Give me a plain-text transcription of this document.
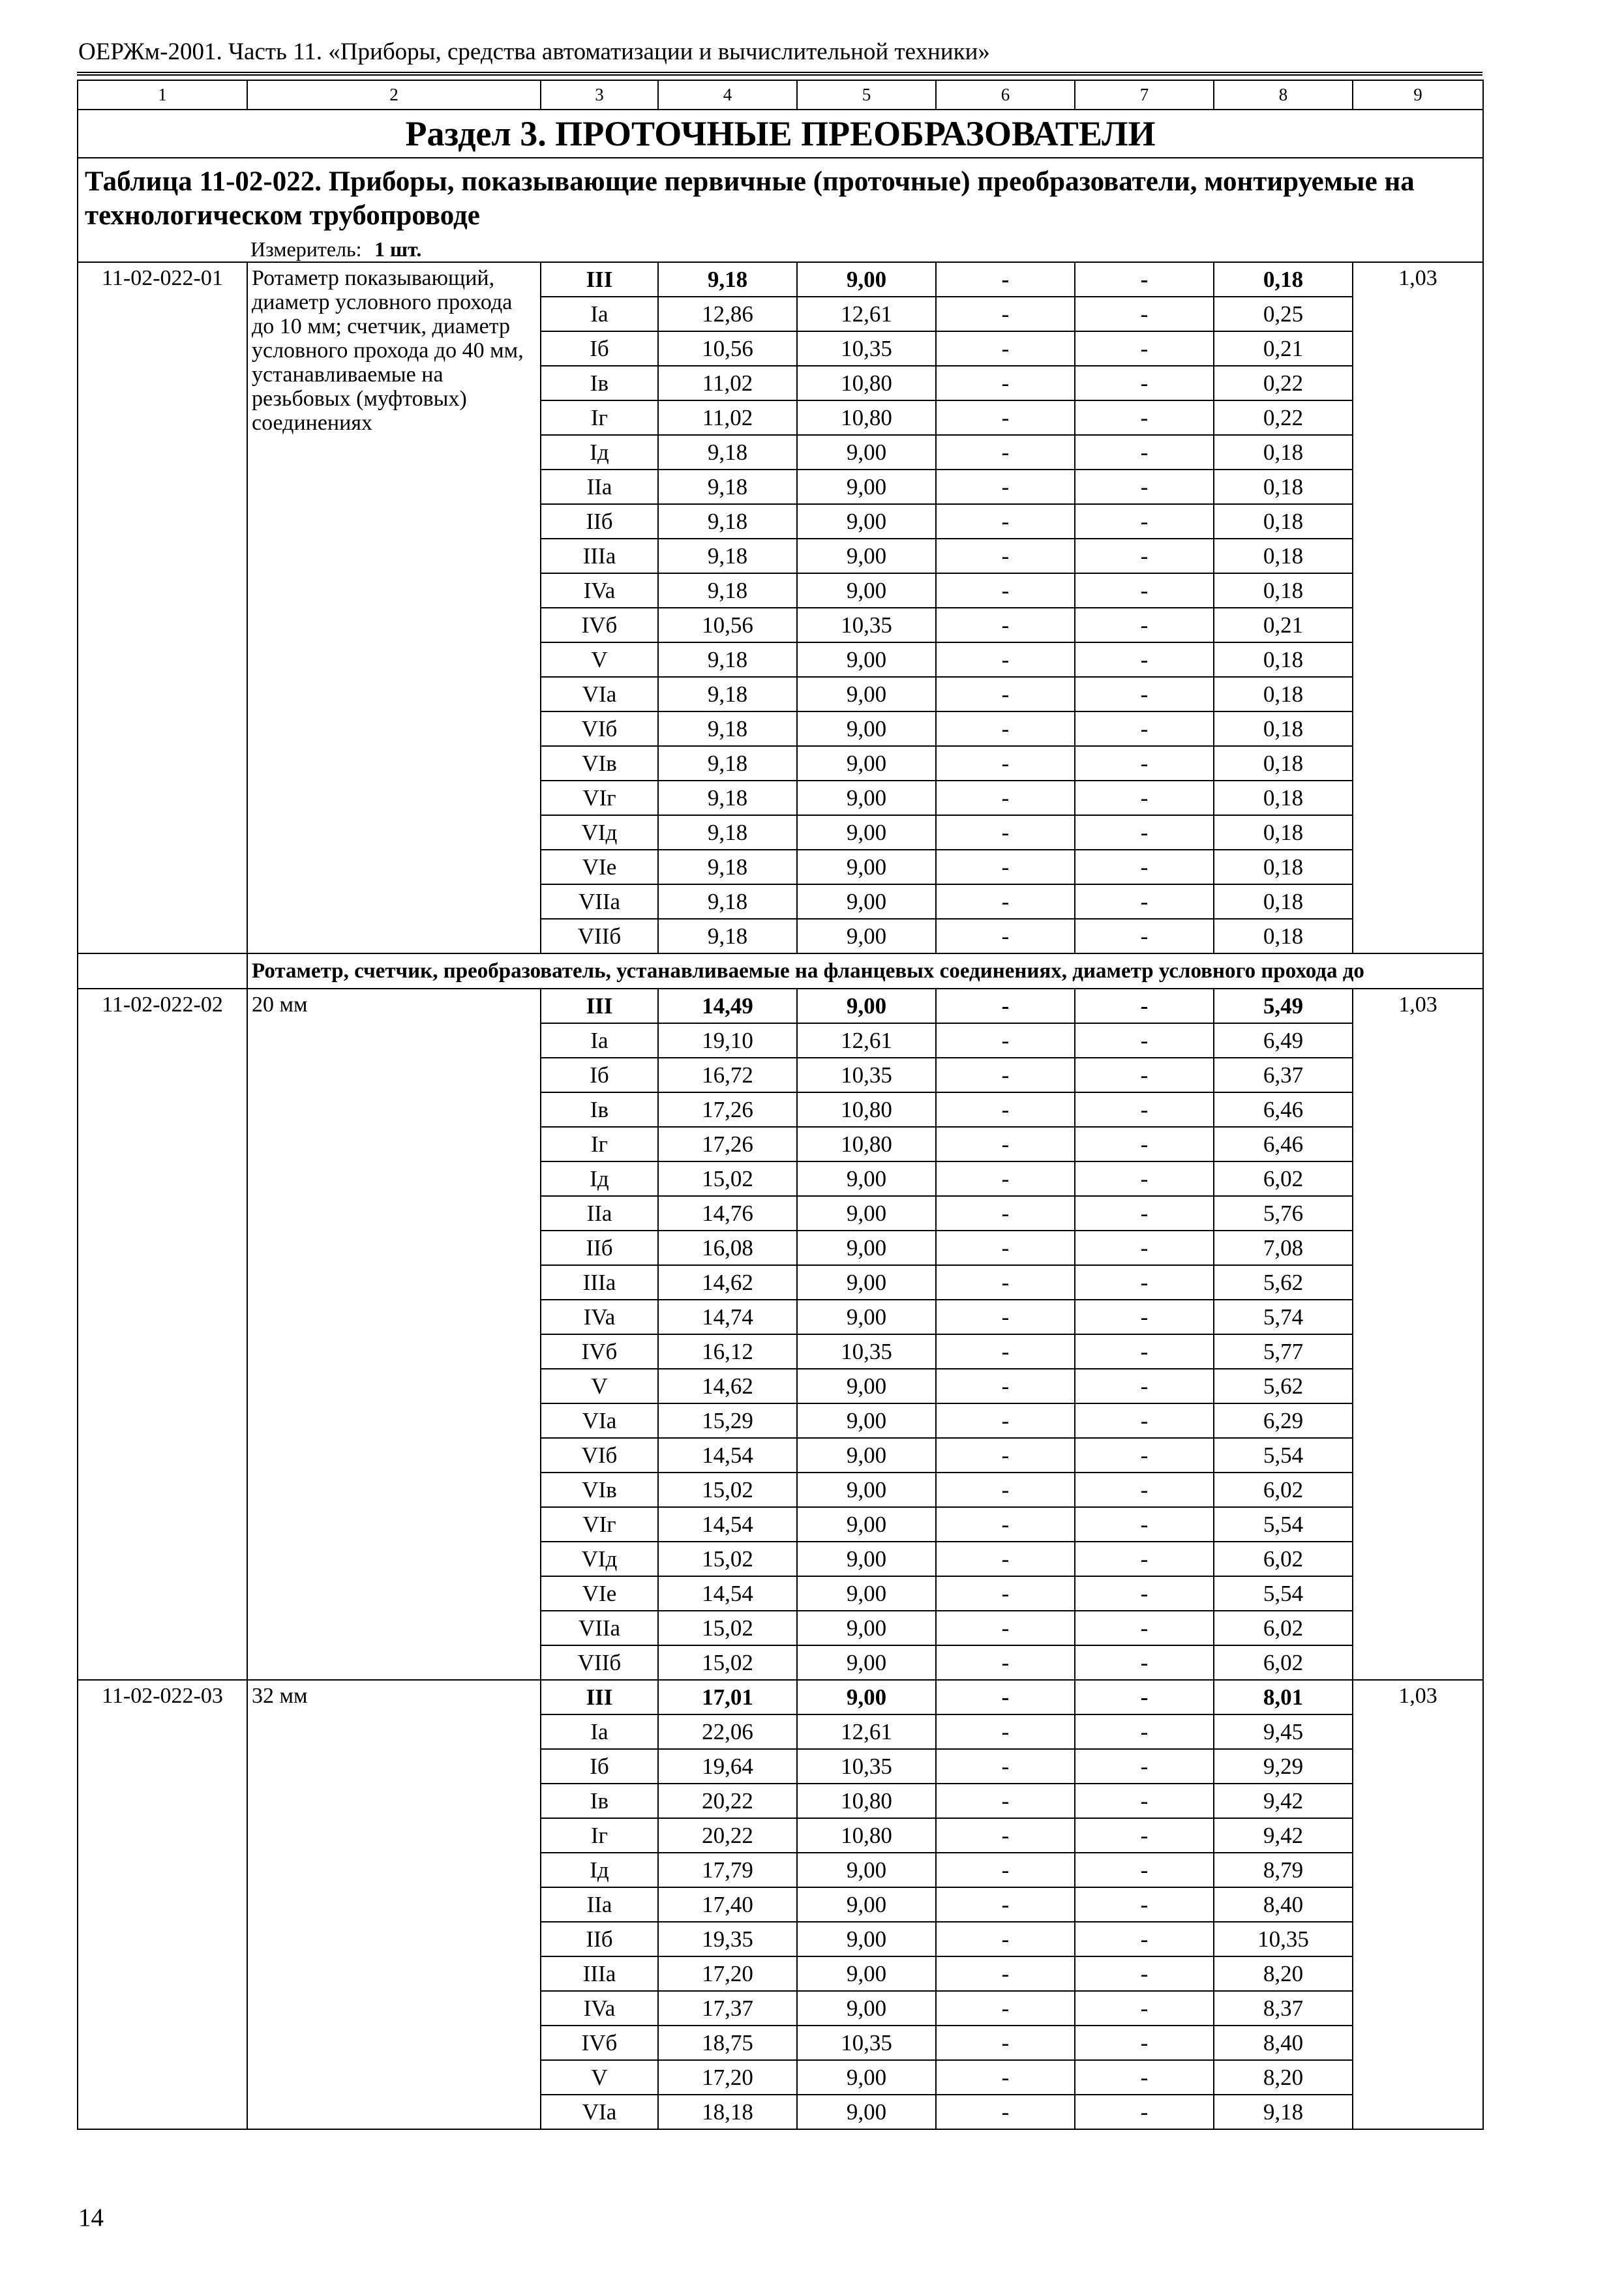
ОЕРЖм-2001. Часть 11. «Приборы, средства автоматизации и вычислительной техники»
1	2	3	4	5	6	7	8	9
Раздел 3. ПРОТОЧНЫЕ ПРЕОБРАЗОВАТЕЛИ								
Таблица 11-02-022. Приборы, показывающие первичные (проточные) преобразователи, монтируемые на технологическом трубопроводе								
Измеритель: 1 шт.								
11-02-022-01	Ротаметр показывающий, диаметр условного прохода до 10 мм; счетчик, диаметр условного прохода до 40 мм, устанавливаемые на резьбовых (муфтовых) соединениях	III	9,18	9,00	-	-	0,18	1,03
		Ia	12,86	12,61	-	-	0,25	
		Iб	10,56	10,35	-	-	0,21	
		Iв	11,02	10,80	-	-	0,22	
		Iг	11,02	10,80	-	-	0,22	
		Iд	9,18	9,00	-	-	0,18	
		IIa	9,18	9,00	-	-	0,18	
		IIб	9,18	9,00	-	-	0,18	
		IIIa	9,18	9,00	-	-	0,18	
		IVa	9,18	9,00	-	-	0,18	
		IVб	10,56	10,35	-	-	0,21	
		V	9,18	9,00	-	-	0,18	
		VIa	9,18	9,00	-	-	0,18	
		VIб	9,18	9,00	-	-	0,18	
		VIв	9,18	9,00	-	-	0,18	
		VIг	9,18	9,00	-	-	0,18	
		VIд	9,18	9,00	-	-	0,18	
		VIe	9,18	9,00	-	-	0,18	
		VIIa	9,18	9,00	-	-	0,18	
		VIIб	9,18	9,00	-	-	0,18	
	Ротаметр, счетчик, преобразователь, устанавливаемые на фланцевых соединениях, диаметр условного прохода до							
11-02-022-02	20 мм	III	14,49	9,00	-	-	5,49	1,03
		Ia	19,10	12,61	-	-	6,49	
		Iб	16,72	10,35	-	-	6,37	
		Iв	17,26	10,80	-	-	6,46	
		Iг	17,26	10,80	-	-	6,46	
		Iд	15,02	9,00	-	-	6,02	
		IIa	14,76	9,00	-	-	5,76	
		IIб	16,08	9,00	-	-	7,08	
		IIIa	14,62	9,00	-	-	5,62	
		IVa	14,74	9,00	-	-	5,74	
		IVб	16,12	10,35	-	-	5,77	
		V	14,62	9,00	-	-	5,62	
		VIa	15,29	9,00	-	-	6,29	
		VIб	14,54	9,00	-	-	5,54	
		VIв	15,02	9,00	-	-	6,02	
		VIг	14,54	9,00	-	-	5,54	
		VIд	15,02	9,00	-	-	6,02	
		VIe	14,54	9,00	-	-	5,54	
		VIIa	15,02	9,00	-	-	6,02	
		VIIб	15,02	9,00	-	-	6,02	
11-02-022-03	32 мм	III	17,01	9,00	-	-	8,01	1,03
		Ia	22,06	12,61	-	-	9,45	
		Iб	19,64	10,35	-	-	9,29	
		Iв	20,22	10,80	-	-	9,42	
		Iг	20,22	10,80	-	-	9,42	
		Iд	17,79	9,00	-	-	8,79	
		IIa	17,40	9,00	-	-	8,40	
		IIб	19,35	9,00	-	-	10,35	
		IIIa	17,20	9,00	-	-	8,20	
		IVa	17,37	9,00	-	-	8,37	
		IVб	18,75	10,35	-	-	8,40	
		V	17,20	9,00	-	-	8,20	
		VIa	18,18	9,00	-	-	9,18	
14
